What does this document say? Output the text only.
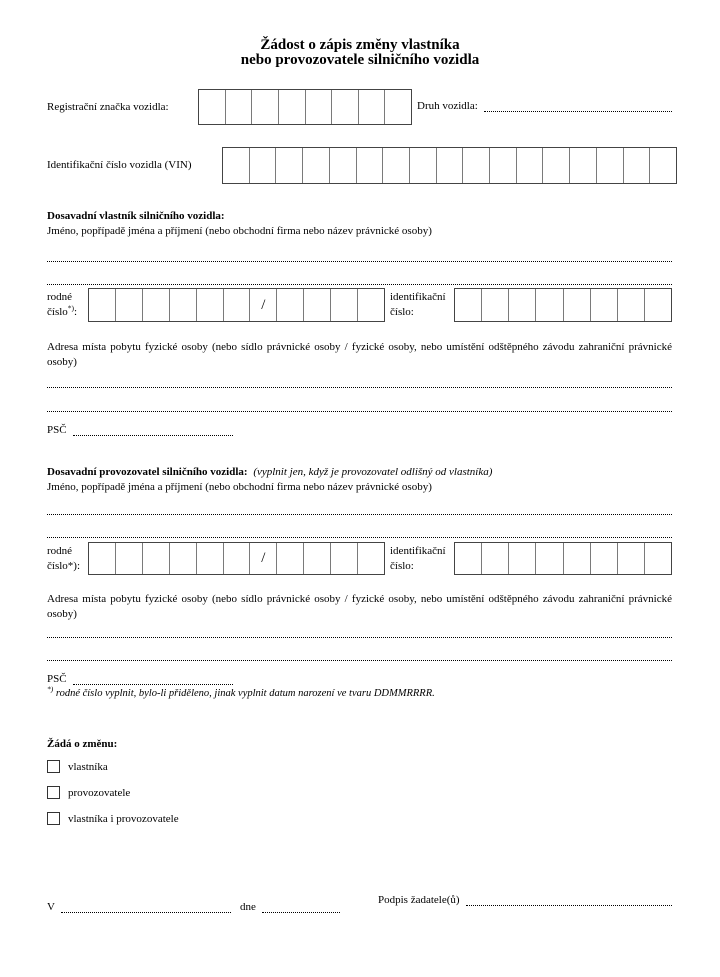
Žádost o zápis změny vlastníka
nebo provozovatele silničního vozidla
Registrační značka vozidla:	Druh vozidla:
Identifikační číslo vozidla (VIN)
Dosavadní vlastník silničního vozidla:
Jméno, popřípadě jména a příjmení (nebo obchodní firma nebo název právnické osoby)
rodné
číslo*):	/	identifikační
číslo:
Adresa místa pobytu fyzické osoby (nebo sídlo právnické osoby / fyzické osoby, nebo umístění odštěpného závodu zahraniční právnické osoby)
PSČ
Dosavadní provozovatel silničního vozidla: (vyplnit jen, když je provozovatel odlišný od vlastníka)
Jméno, popřípadě jména a příjmení (nebo obchodní firma nebo název právnické osoby)
rodné
číslo*):	/	identifikační
číslo:
Adresa místa pobytu fyzické osoby (nebo sídlo právnické osoby / fyzické osoby, nebo umístění odštěpného závodu zahraniční právnické osoby)
PSČ
*) rodné číslo vyplnit, bylo-li přiděleno, jinak vyplnit datum narození ve tvaru DDMMRRRR.
Žádá o změnu:
vlastníka
provozovatele
vlastníka i provozovatele
Podpis žadatele(ů)
V	dne
